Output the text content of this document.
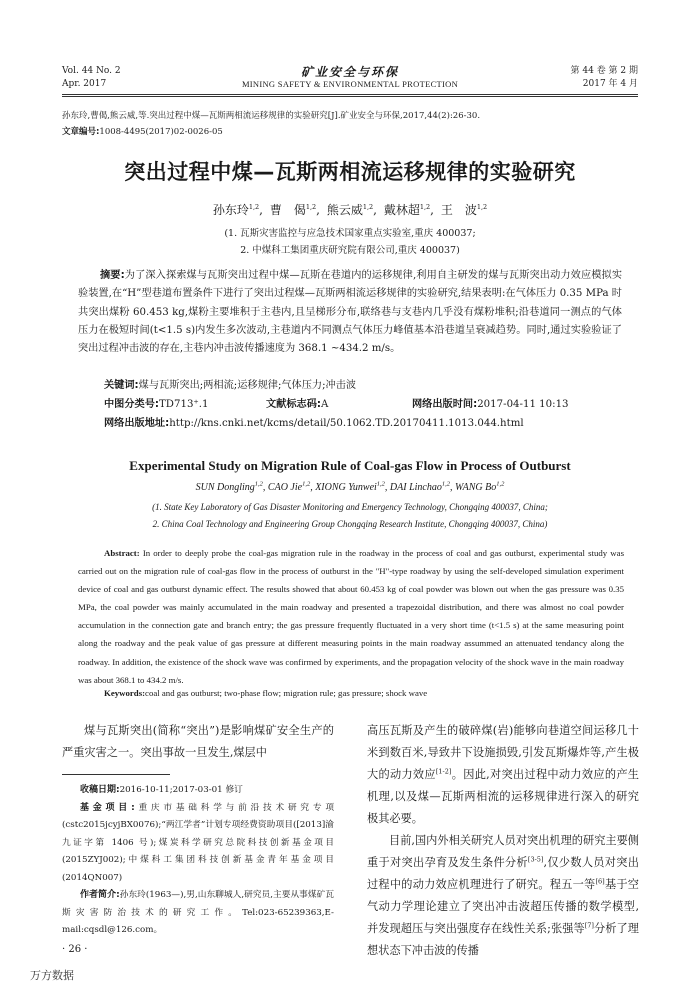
Vol. 44 No. 2
Apr. 2017
矿业安全与环保
MINING SAFETY & ENVIRONMENTAL PROTECTION
第 44 卷 第 2 期
2017 年 4 月
孙东玲,曹偈,熊云威,等.突出过程中煤—瓦斯两相流运移规律的实验研究[J].矿业安全与环保,2017,44(2):26-30.
文章编号:1008-4495(2017)02-0026-05
突出过程中煤—瓦斯两相流运移规律的实验研究
孙东玲$^{1,2}$, 曹　偈$^{1,2}$, 熊云威$^{1,2}$, 戴林超$^{1,2}$, 王　波$^{1,2}$
(1. 瓦斯灾害监控与应急技术国家重点实验室,重庆 400037;
2. 中煤科工集团重庆研究院有限公司,重庆 400037)
摘要:为了深入探索煤与瓦斯突出过程中煤—瓦斯在巷道内的运移规律,利用自主研发的煤与瓦斯突出动力效应模拟实验装置,在“H”型巷道布置条件下进行了突出过程煤—瓦斯两相流运移规律的实验研究,结果表明:在气体压力 0.35 MPa 时共突出煤粉 60.453 kg,煤粉主要堆积于主巷内,且呈梯形分布,联络巷与支巷内几乎没有煤粉堆积;沿巷道同一测点的气体压力在极短时间(t<1.5 s)内发生多次波动,主巷道内不同测点气体压力峰值基本沿巷道呈衰减趋势。同时,通过实验验证了突出过程冲击波的存在,主巷内冲击波传播速度为 368.1 ~434.2 m/s。
关键词:煤与瓦斯突出;两相流;运移规律;气体压力;冲击波
中图分类号:TD713⁺.1	文献标志码:A	网络出版时间:2017-04-11 10:13
网络出版地址:http://kns.cnki.net/kcms/detail/50.1062.TD.20170411.1013.044.html
Experimental Study on Migration Rule of Coal-gas Flow in Process of Outburst
SUN Dongling$^{1,2}$, CAO Jie$^{1,2}$, XIONG Yunwei$^{1,2}$, DAI Linchao$^{1,2}$, WANG Bo$^{1,2}$
(1. State Key Laboratory of Gas Disaster Monitoring and Emergency Technology, Chongqing 400037, China;
2. China Coal Technology and Engineering Group Chongqing Research Institute, Chongqing 400037, China)
Abstract: In order to deeply probe the coal-gas migration rule in the roadway in the process of coal and gas outburst, experimental study was carried out on the migration rule of coal-gas flow in the process of outburst in the "H"-type roadway by using the self-developed simulation experiment device of coal and gas outburst dynamic effect. The results showed that about 60.453 kg of coal powder was blown out when the gas pressure was 0.35 MPa, the coal powder was mainly accumulated in the main roadway and presented a trapezoidal distribution, and there was almost no coal powder accumulation in the connection gate and branch entry; the gas pressure frequently fluctuated in a very short time (t<1.5 s) at the same measuring point along the roadway and the peak value of gas pressure at different measuring points in the main roadway assummed an attenuated tendancy along the roadway. In addition, the existence of the shock wave was confirmed by experiments, and the propagation velocity of the shock wave in the main roadway was about 368.1 to 434.2 m/s.
Keywords:coal and gas outburst; two-phase flow; migration rule; gas pressure; shock wave
煤与瓦斯突出(简称“突出”)是影响煤矿安全生产的严重灾害之一。突出事故一旦发生,煤层中
收稿日期:2016-10-11;2017-03-01 修订
基金项目:重庆市基础科学与前沿技术研究专项(cstc2015jcyjBX0076);“两江学者”计划专项经费资助项目([2013]渝九证字第 1406 号);煤炭科学研究总院科技创新基金项目(2015ZYJ002);中煤科工集团科技创新基金青年基金项目(2014QN007)
作者简介:孙东玲(1963—),男,山东聊城人,研究员,主要从事煤矿瓦斯灾害防治技术的研究工作。Tel:023-65239363,E-mail:cqsdl@126.com。
高压瓦斯及产生的破碎煤(岩)能够向巷道空间运移几十米到数百米,导致井下设施损毁,引发瓦斯爆炸等,产生极大的动力效应[1-2]。因此,对突出过程中动力效应的产生机理,以及煤—瓦斯两相流的运移规律进行深入的研究极其必要。
目前,国内外相关研究人员对突出机理的研究主要侧重于对突出孕育及发生条件分析[3-5],仅少数人员对突出过程中的动力效应机理进行了研究。程五一等[6]基于空气动力学理论建立了突出冲击波超压传播的数学模型,并发现超压与突出强度存在线性关系;张强等[7]分析了理想状态下冲击波的传播
· 26 ·
万方数据
